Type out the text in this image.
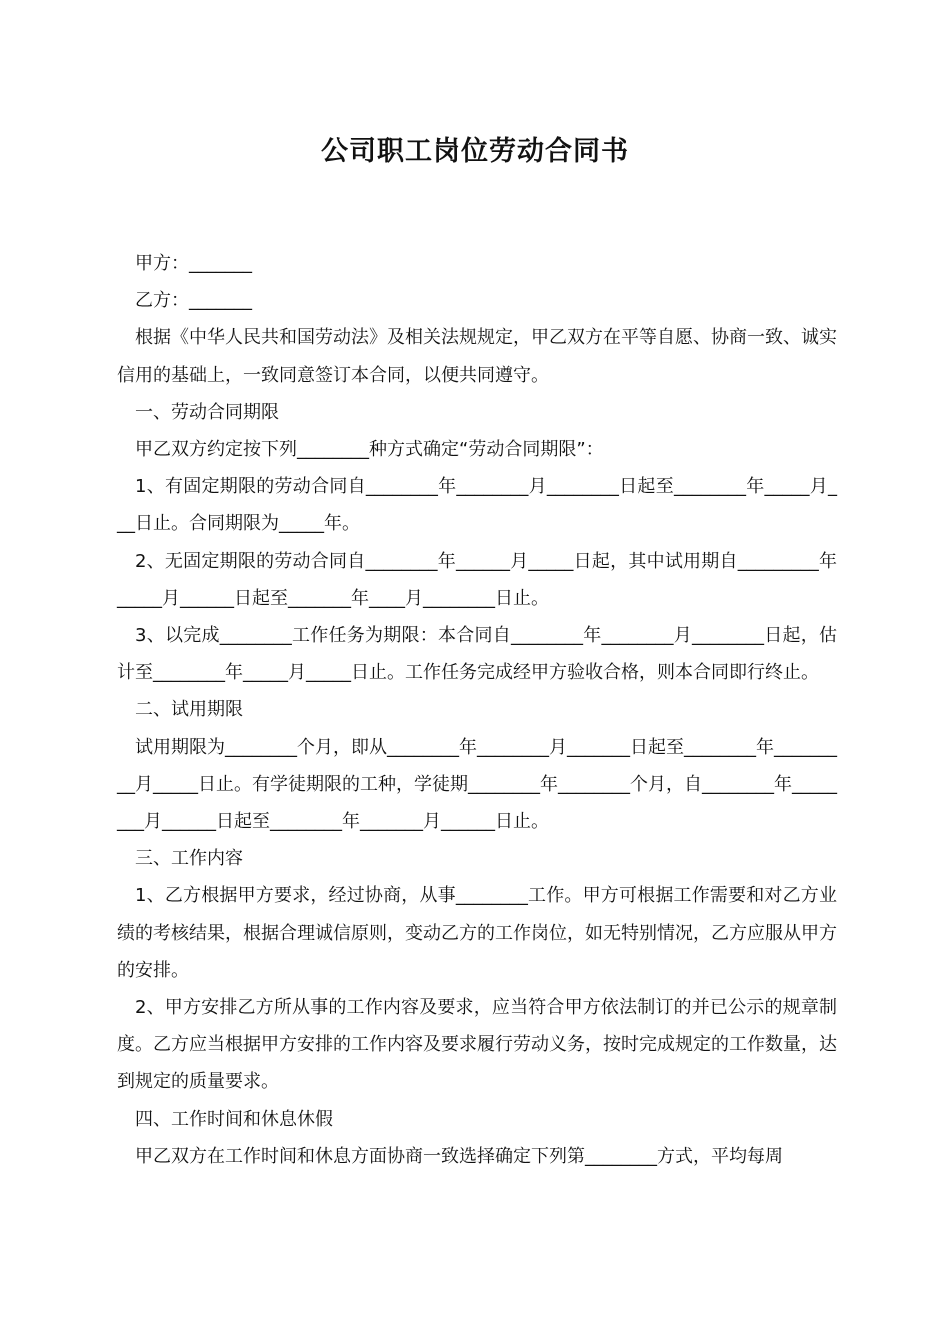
公司职工岗位劳动合同书

甲方：_______

乙方：_______

根据《中华人民共和国劳动法》及相关法规规定，甲乙双方在平等自愿、协商一致、诚实信用的基础上，一致同意签订本合同，以便共同遵守。

一、劳动合同期限

甲乙双方约定按下列________种方式确定“劳动合同期限”：

1、有固定期限的劳动合同自________年________月________日起至________年_____月___日止。合同期限为_____年。

2、无固定期限的劳动合同自________年______月_____日起，其中试用期自_________年_____月______日起至_______年____月________日止。

3、以完成________工作任务为期限：本合同自________年________月________日起，估计至________年_____月_____日止。工作任务完成经甲方验收合格，则本合同即行终止。

二、试用期限

试用期限为________个月，即从________年________月_______日起至________年_________月_____日止。有学徒期限的工种，学徒期________年________个月，自________年________月______日起至________年_______月______日止。

三、工作内容

1、乙方根据甲方要求，经过协商，从事________工作。甲方可根据工作需要和对乙方业绩的考核结果，根据合理诚信原则，变动乙方的工作岗位，如无特别情况，乙方应服从甲方的安排。

2、甲方安排乙方所从事的工作内容及要求，应当符合甲方依法制订的并已公示的规章制度。乙方应当根据甲方安排的工作内容及要求履行劳动义务，按时完成规定的工作数量，达到规定的质量要求。

四、工作时间和休息休假

甲乙双方在工作时间和休息方面协商一致选择确定下列第________方式，平均每周
